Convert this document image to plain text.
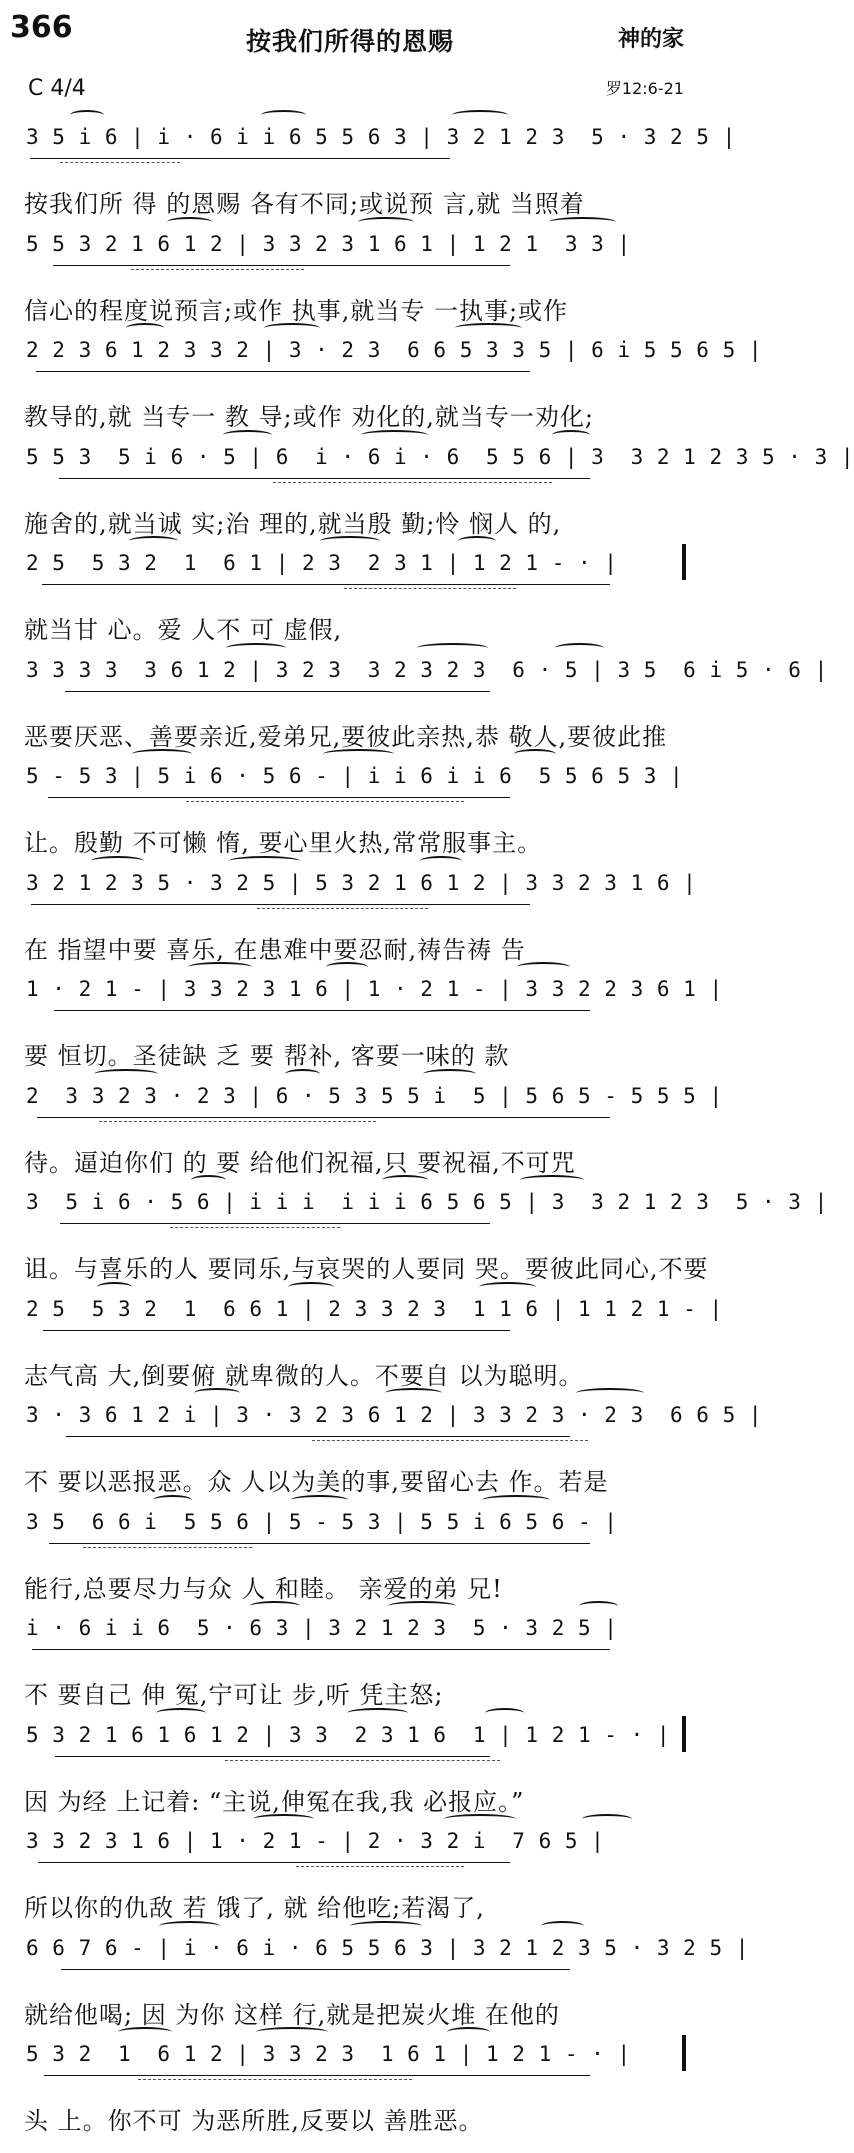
366	按我们所得的恩赐	神的家
C 4/4	罗12:6-21
3 5 i 6 | i · 6 i i 6 5 5 6 3 | 3 2 1 2 3  5 · 3 2 5 |
按我们所 得 的恩赐 各有不同;或说预 言,就 当照着
5 5 3 2 1 6 1 2 | 3 3 2 3 1 6 1 | 1 2 1  3 3 |
信心的程度说预言;或作 执事,就当专 一执事;或作
2 2 3 6 1 2 3 3 2 | 3 · 2 3  6 6 5 3 3 5 | 6 i 5 5 6 5 |
教导的,就 当专一 教 导;或作 劝化的,就当专一劝化;
5 5 3  5 i 6 · 5 | 6  i · 6 i · 6  5 5 6 | 3  3 2 1 2 3 5 · 3 |
施舍的,就当诚 实;治 理的,就当殷 勤;怜 悯人 的,
2 5  5 3 2  1  6 1 | 2 3  2 3 1 | 1 2 1 - · |
就当甘 心。爱 人不 可 虚假,
3 3 3 3  3 6 1 2 | 3 2 3  3 2 3 2 3  6 · 5 | 3 5  6 i 5 · 6 |
恶要厌恶、善要亲近,爱弟兄,要彼此亲热,恭 敬人,要彼此推
5 - 5 3 | 5 i 6 · 5 6 - | i i 6 i i 6  5 5 6 5 3 |
让。殷勤 不可懒 惰, 要心里火热,常常服事主。
3 2 1 2 3 5 · 3 2 5 | 5 3 2 1 6 1 2 | 3 3 2 3 1 6 |
在 指望中要 喜乐, 在患难中要忍耐,祷告祷 告
1 · 2 1 - | 3 3 2 3 1 6 | 1 · 2 1 - | 3 3 2 2 3 6 1 |
要 恒切。圣徒缺 乏 要 帮补, 客要一味的 款
2  3 3 2 3 · 2 3 | 6 · 5 3 5 5 i  5 | 5 6 5 - 5 5 5 |
待。逼迫你们 的 要 给他们祝福,只 要祝福,不可咒
3  5 i 6 · 5 6 | i i i  i i i 6 5 6 5 | 3  3 2 1 2 3  5 · 3 |
诅。与喜乐的人 要同乐,与哀哭的人要同 哭。要彼此同心,不要
2 5  5 3 2  1  6 6 1 | 2 3 3 2 3  1 1 6 | 1 1 2 1 - |
志气高 大,倒要俯 就卑微的人。不要自 以为聪明。
3 · 3 6 1 2 i | 3 · 3 2 3 6 1 2 | 3 3 2 3 · 2 3  6 6 5 |
不 要以恶报恶。众 人以为美的事,要留心去 作。若是
3 5  6 6 i  5 5 6 | 5 - 5 3 | 5 5 i 6 5 6 - |
能行,总要尽力与众 人 和睦。 亲爱的弟 兄!
i · 6 i i 6  5 · 6 3 | 3 2 1 2 3  5 · 3 2 5 |
不 要自己 伸 冤,宁可让 步,听 凭主怒;
5 3 2 1 6 1 6 1 2 | 3 3  2 3 1 6  1 | 1 2 1 - · |
因 为经 上记着: “主说,伸冤在我,我 必报应。”
3 3 2 3 1 6 | 1 · 2 1 - | 2 · 3 2 i  7 6 5 |
所以你的仇敌 若 饿了, 就 给他吃;若渴了,
6 6 7 6 - | i · 6 i · 6 5 5 6 3 | 3 2 1 2 3 5 · 3 2 5 |
就给他喝; 因 为你 这样 行,就是把炭火堆 在他的
5 3 2  1  6 1 2 | 3 3 2 3  1 6 1 | 1 2 1 - · |
头 上。你不可 为恶所胜,反要以 善胜恶。
